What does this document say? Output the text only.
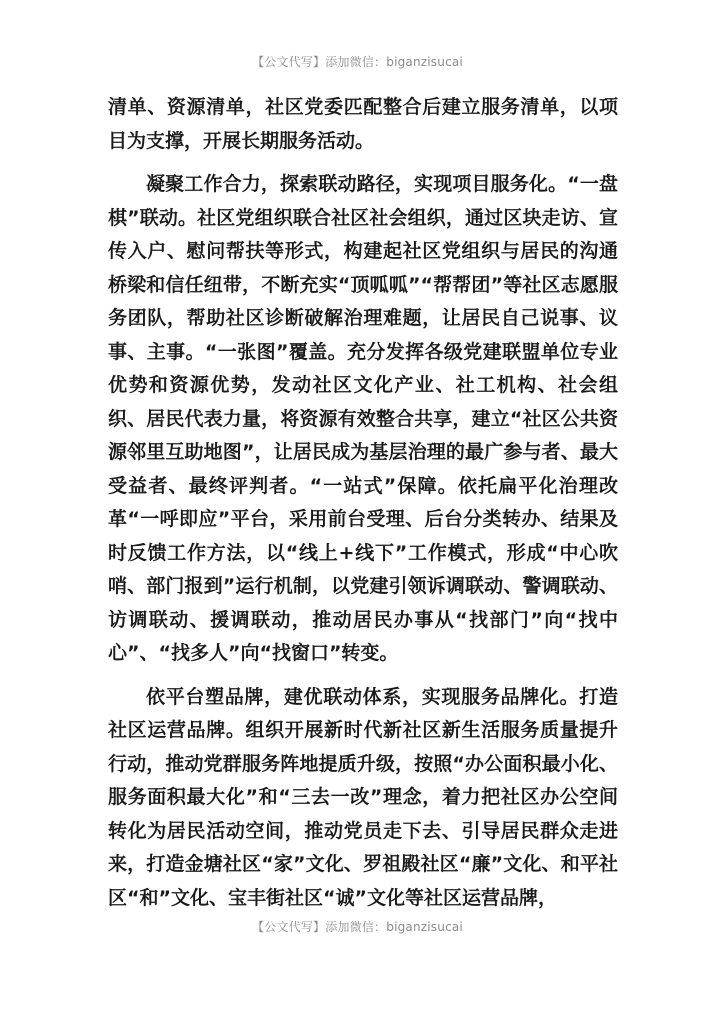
【公文代写】添加微信：biganzisucai

清单、资源清单，社区党委匹配整合后建立服务清单，以项目为支撑，开展长期服务活动。

凝聚工作合力，探索联动路径，实现项目服务化。“一盘棋”联动。社区党组织联合社区社会组织，通过区块走访、宣传入户、慰问帮扶等形式，构建起社区党组织与居民的沟通桥梁和信任纽带，不断充实“顶呱呱”“帮帮团”等社区志愿服务团队，帮助社区诊断破解治理难题，让居民自己说事、议事、主事。“一张图”覆盖。充分发挥各级党建联盟单位专业优势和资源优势，发动社区文化产业、社工机构、社会组织、居民代表力量，将资源有效整合共享，建立“社区公共资源邻里互助地图”，让居民成为基层治理的最广参与者、最大受益者、最终评判者。“一站式”保障。依托扁平化治理改革“一呼即应”平台，采用前台受理、后台分类转办、结果及时反馈工作方法，以“线上+线下”工作模式，形成“中心吹哨、部门报到”运行机制，以党建引领诉调联动、警调联动、访调联动、援调联动，推动居民办事从“找部门”向“找中心”、“找多人”向“找窗口”转变。

依平台塑品牌，建优联动体系，实现服务品牌化。打造社区运营品牌。组织开展新时代新社区新生活服务质量提升行动，推动党群服务阵地提质升级，按照“办公面积最小化、服务面积最大化”和“三去一改”理念，着力把社区办公空间转化为居民活动空间，推动党员走下去、引导居民群众走进来，打造金塘社区“家”文化、罗祖殿社区“廉”文化、和平社区“和”文化、宝丰街社区“诚”文化等社区运营品牌，

【公文代写】添加微信：biganzisucai
